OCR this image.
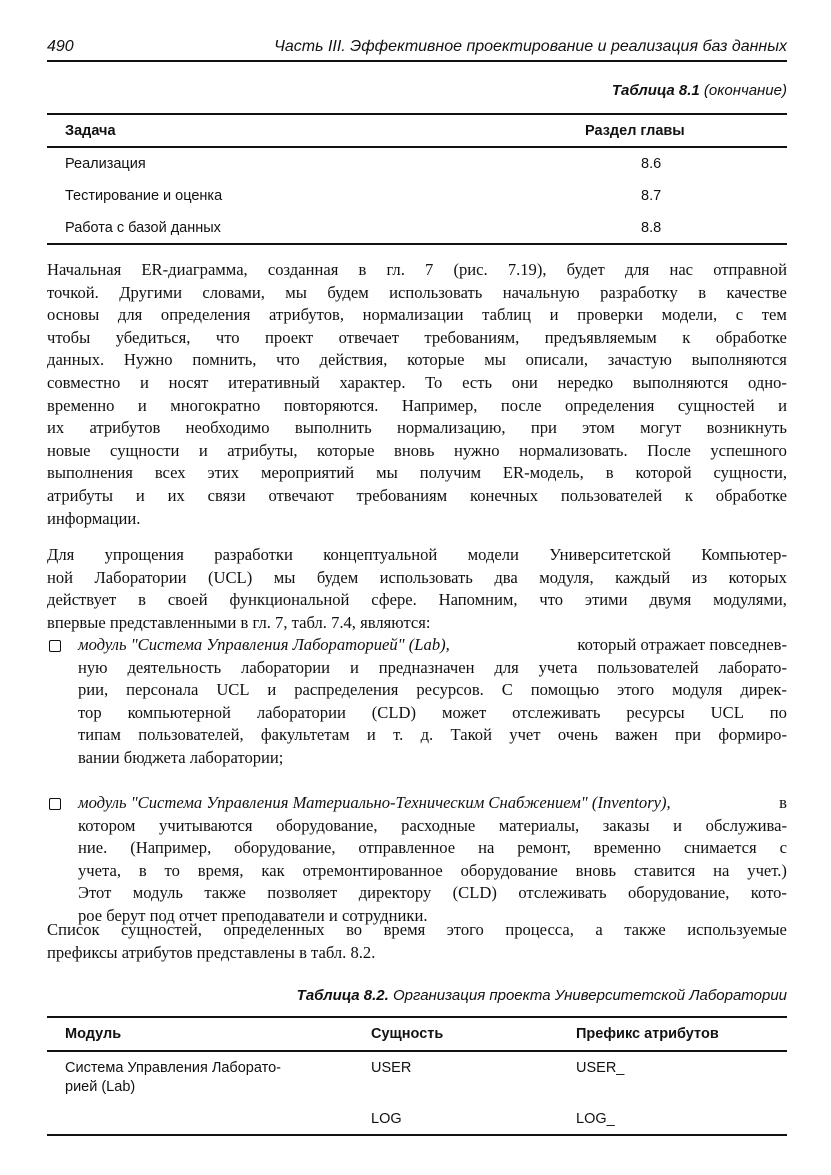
490	Часть III. Эффективное проектирование и реализация баз данных
Таблица 8.1 (окончание)
Задача	Раздел главы
Реализация	8.6
Тестирование и оценка	8.7
Работа с базой данных	8.8
Начальная ER-диаграмма, созданная в гл. 7 (рис. 7.19), будет для нас отправной
точкой. Другими словами, мы будем использовать начальную разработку в качестве
основы для определения атрибутов, нормализации таблиц и проверки модели, с тем
чтобы убедиться, что проект отвечает требованиям, предъявляемым к обработке
данных. Нужно помнить, что действия, которые мы описали, зачастую выполняются
совместно и носят итеративный характер. То есть они нередко выполняются одно-
временно и многократно повторяются. Например, после определения сущностей и
их атрибутов необходимо выполнить нормализацию, при этом могут возникнуть
новые сущности и атрибуты, которые вновь нужно нормализовать. После успешного
выполнения всех этих мероприятий мы получим ER-модель, в которой сущности,
атрибуты и их связи отвечают требованиям конечных пользователей к обработке
информации.
Для упрощения разработки концептуальной модели Университетской Компьютер-
ной Лаборатории (UCL) мы будем использовать два модуля, каждый из которых
действует в своей функциональной сфере. Напомним, что этими двумя модулями,
впервые представленными в гл. 7, табл. 7.4, являются:
модуль "Система Управления Лабораторией" (Lab),	который отражает повседнев-
ную деятельность лаборатории и предназначен для учета пользователей лаборато-
рии, персонала UCL и распределения ресурсов. С помощью этого модуля дирек-
тор компьютерной лаборатории (CLD) может отслеживать ресурсы UCL по
типам пользователей, факультетам и т. д. Такой учет очень важен при формиро-
вании бюджета лаборатории;
модуль "Система Управления Материально-Техническим Снабжением" (Inventory),	в
котором учитываются оборудование, расходные материалы, заказы и обслужива-
ние. (Например, оборудование, отправленное на ремонт, временно снимается с
учета, в то время, как отремонтированное оборудование вновь ставится на учет.)
Этот модуль также позволяет директору (CLD) отслеживать оборудование, кото-
рое берут под отчет преподаватели и сотрудники.
Список сущностей, определенных во время этого процесса, а также используемые
префиксы атрибутов представлены в табл. 8.2.
Таблица 8.2. Организация проекта Университетской Лаборатории
Модуль	Сущность	Префикс атрибутов
Система Управления Лаборато-
рией (Lab)
USER	USER_
LOG	LOG_
